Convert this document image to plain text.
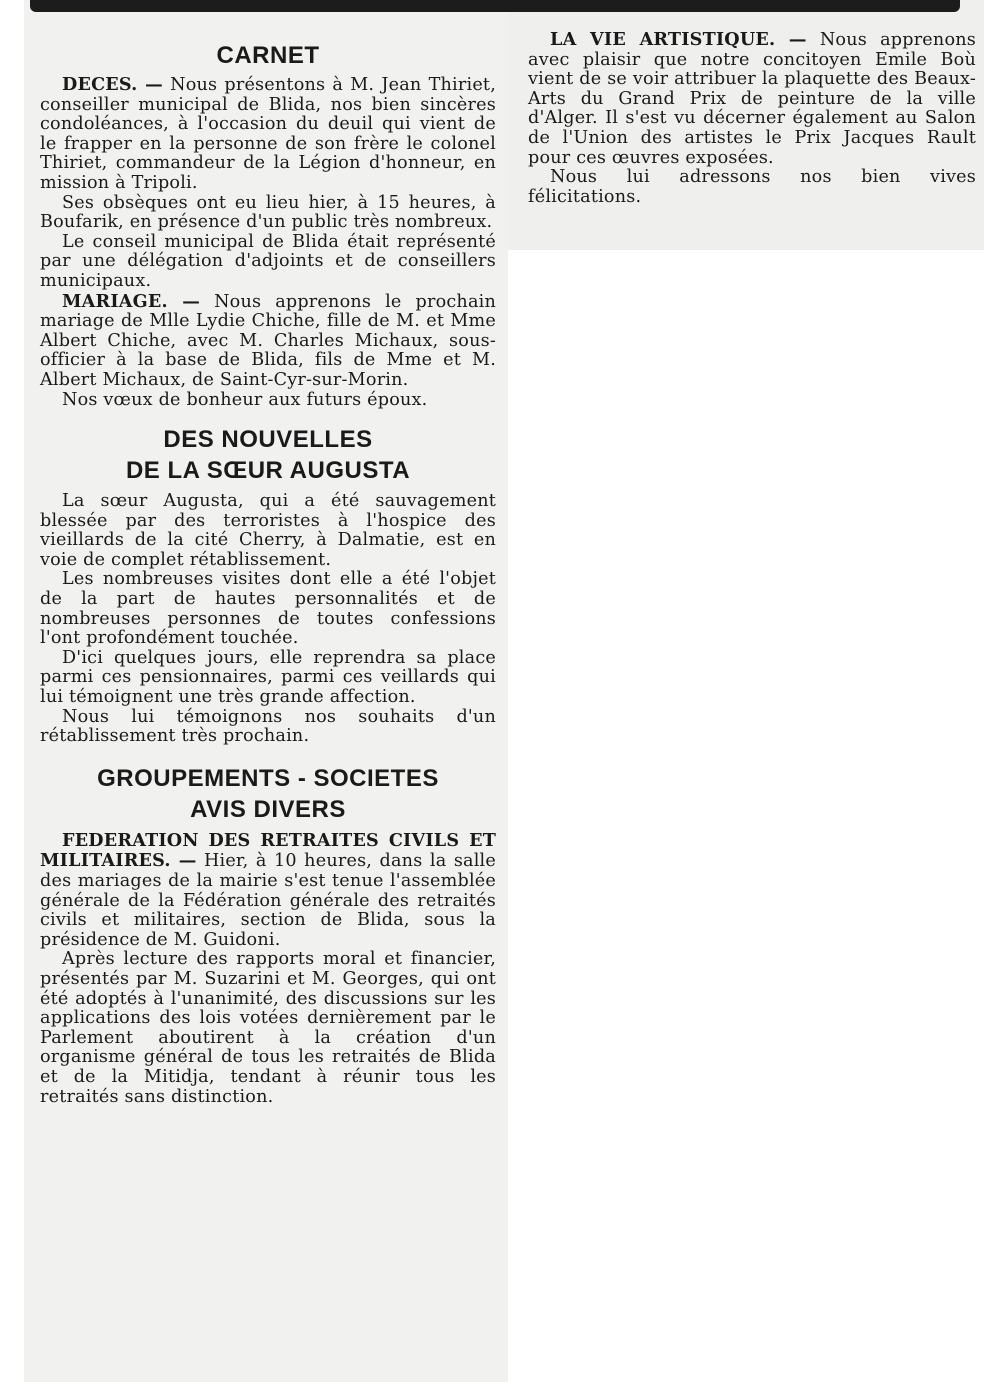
CARNET

DECES. — Nous présentons à M. Jean Thiriet, conseiller municipal de Blida, nos bien sincères condoléances, à l'occasion du deuil qui vient de le frapper en la personne de son frère le colonel Thiriet, commandeur de la Légion d'honneur, en mission à Tripoli.

Ses obsèques ont eu lieu hier, à 15 heures, à Boufarik, en présence d'un public très nombreux.

Le conseil municipal de Blida était représenté par une délégation d'adjoints et de conseillers municipaux.

MARIAGE. — Nous apprenons le prochain mariage de Mlle Lydie Chiche, fille de M. et Mme Albert Chiche, avec M. Charles Michaux, sous-officier à la base de Blida, fils de Mme et M. Albert Michaux, de Saint-Cyr-sur-Morin.

Nos vœux de bonheur aux futurs époux.

DES NOUVELLES
DE LA SŒUR AUGUSTA

La sœur Augusta, qui a été sauvagement blessée par des terroristes à l'hospice des vieillards de la cité Cherry, à Dalmatie, est en voie de complet rétablissement.

Les nombreuses visites dont elle a été l'objet de la part de hautes personnalités et de nombreuses personnes de toutes confessions l'ont profondément touchée.

D'ici quelques jours, elle reprendra sa place parmi ces pensionnaires, parmi ces veillards qui lui témoignent une très grande affection.

Nous lui témoignons nos souhaits d'un rétablissement très prochain.

GROUPEMENTS - SOCIETES
AVIS DIVERS

FEDERATION DES RETRAITES CIVILS ET MILITAIRES. — Hier, à 10 heures, dans la salle des mariages de la mairie s'est tenue l'assemblée générale de la Fédération générale des retraités civils et militaires, section de Blida, sous la présidence de M. Guidoni.

Après lecture des rapports moral et financier, présentés par M. Suzarini et M. Georges, qui ont été adoptés à l'unanimité, des discussions sur les applications des lois votées dernièrement par le Parlement aboutirent à la création d'un organisme général de tous les retraités de Blida et de la Mitidja, tendant à réunir tous les retraités sans distinction.

LA VIE ARTISTIQUE. — Nous apprenons avec plaisir que notre concitoyen Emile Boù vient de se voir attribuer la plaquette des Beaux-Arts du Grand Prix de peinture de la ville d'Alger. Il s'est vu décerner également au Salon de l'Union des artistes le Prix Jacques Rault pour ces œuvres exposées.

Nous lui adressons nos bien vives félicitations.
